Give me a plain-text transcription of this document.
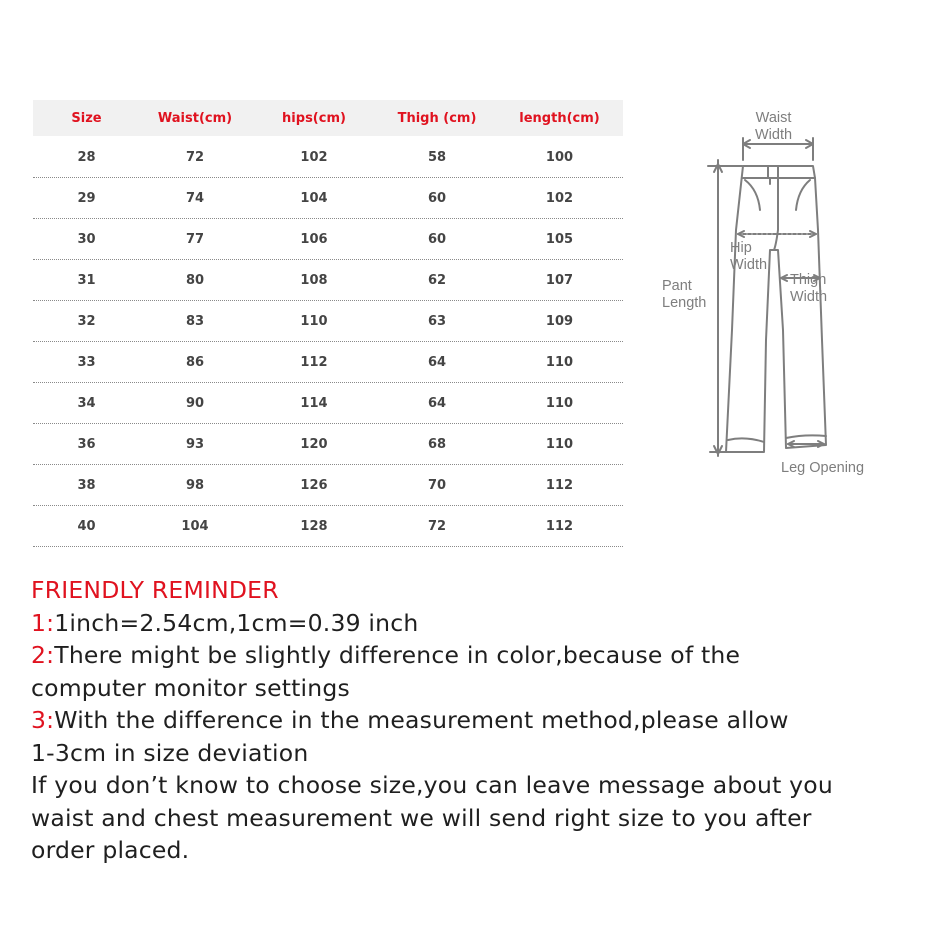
Size	Waist(cm)	hips(cm)	Thigh (cm)	length(cm)
28	72	102	58	100
29	74	104	60	102
30	77	106	60	105
31	80	108	62	107
32	83	110	63	109
33	86	112	64	110
34	90	114	64	110
36	93	120	68	110
38	98	126	70	112
40	104	128	72	112
Waist
Width
Hip
Width
Thigh
Width
Pant
Length
Leg Opening
FRIENDLY REMINDER
1:1inch=2.54cm,1cm=0.39 inch
2:There might be slightly difference in color,because of the
computer monitor settings
3:With the difference in the measurement method,please allow
1-3cm in size deviation
If you don’t know to choose size,you can leave message about you
waist and chest measurement we will send right size to you after
order placed.
